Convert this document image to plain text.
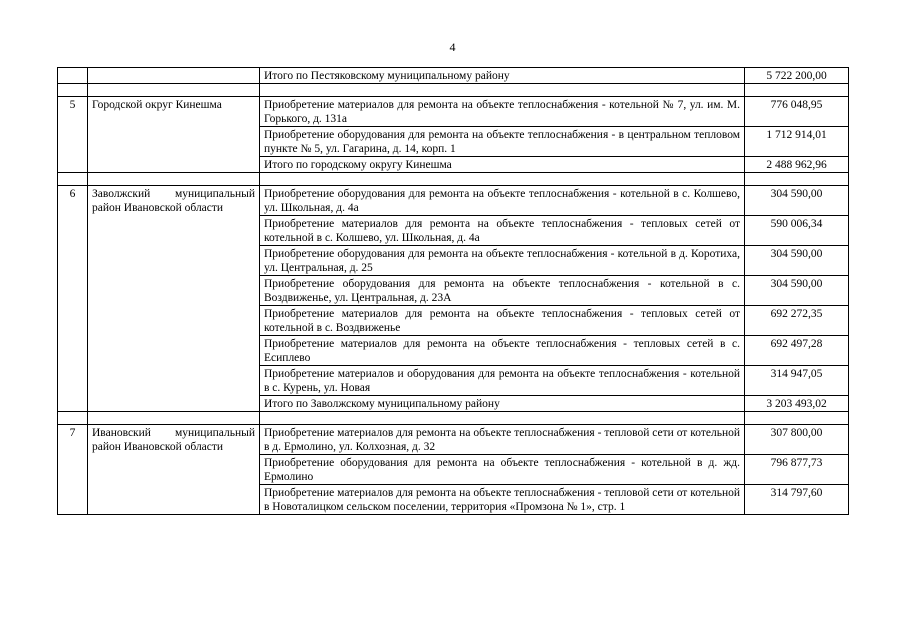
4
		Итого по Пестяковскому муниципальному району	5 722 200,00

5	Городской округ Кинешма	Приобретение материалов для ремонта на объекте теплоснабжения - котельной № 7, ул. им. М. Горького, д. 131а	776 048,95
		Приобретение оборудования для ремонта на объекте теплоснабжения - в центральном тепловом пункте № 5, ул. Гагарина, д. 14, корп. 1	1 712 914,01
		Итого по городскому округу Кинешма	2 488 962,96

6	Заволжский муниципальный район Ивановской области	Приобретение оборудования для ремонта на объекте теплоснабжения - котельной в с. Колшево, ул. Школьная, д. 4а	304 590,00
		Приобретение материалов для ремонта на объекте теплоснабжения - тепловых сетей от котельной в с. Колшево, ул. Школьная, д. 4а	590 006,34
		Приобретение оборудования для ремонта на объекте теплоснабжения - котельной в д. Коротиха, ул. Центральная, д. 25	304 590,00
		Приобретение оборудования для ремонта на объекте теплоснабжения - котельной в с. Воздвиженье, ул. Центральная, д. 23А	304 590,00
		Приобретение материалов для ремонта на объекте теплоснабжения - тепловых сетей от котельной в с. Воздвиженье	692 272,35
		Приобретение материалов для ремонта на объекте теплоснабжения - тепловых сетей в с. Есиплево	692 497,28
		Приобретение материалов и оборудования для ремонта на объекте теплоснабжения - котельной в с. Курень, ул. Новая	314 947,05
		Итого по Заволжскому муниципальному району	3 203 493,02

7	Ивановский муниципальный район Ивановской области	Приобретение материалов для ремонта на объекте теплоснабжения - тепловой сети от котельной в д. Ермолино, ул. Колхозная, д. 32	307 800,00
		Приобретение оборудования для ремонта на объекте теплоснабжения - котельной в д. жд. Ермолино	796 877,73
		Приобретение материалов для ремонта на объекте теплоснабжения - тепловой сети от котельной в Новоталицком сельском поселении, территория «Промзона № 1», стр. 1	314 797,60
